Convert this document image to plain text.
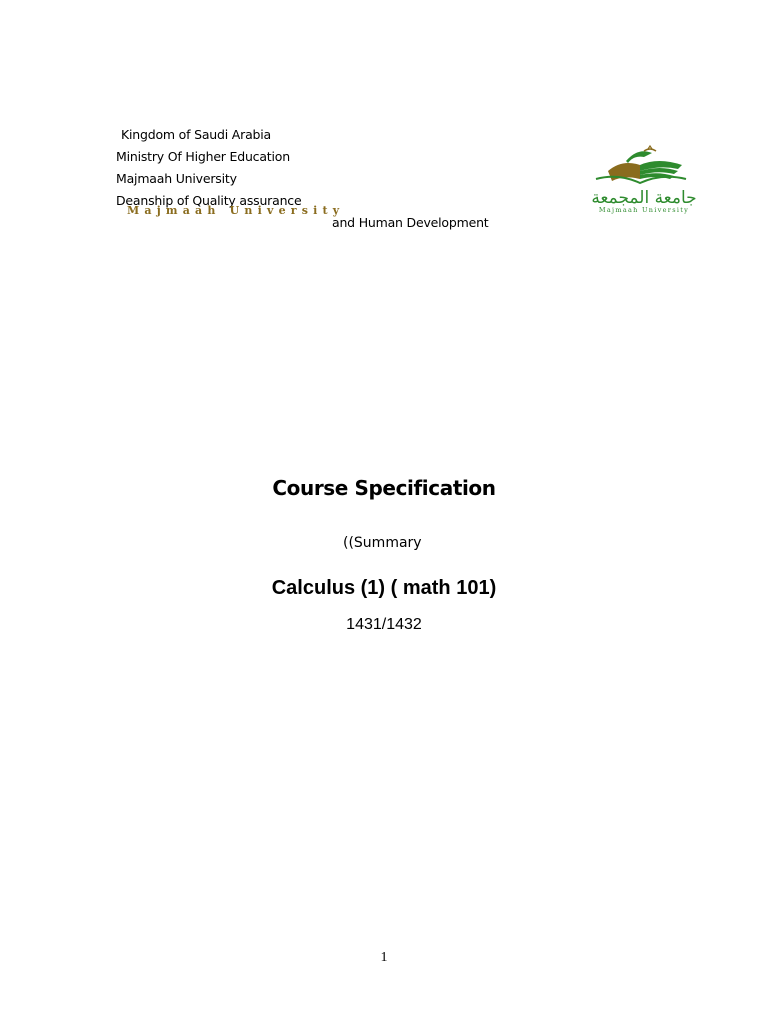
Kingdom of Saudi Arabia
Ministry Of Higher Education
Majmaah University
Deanship of Quality assurance
Majmaah University
and Human Development
جامعة المجمعة
Majmaah University
Course Specification
((Summary
Calculus (1) ( math 101)
1431/1432
1
